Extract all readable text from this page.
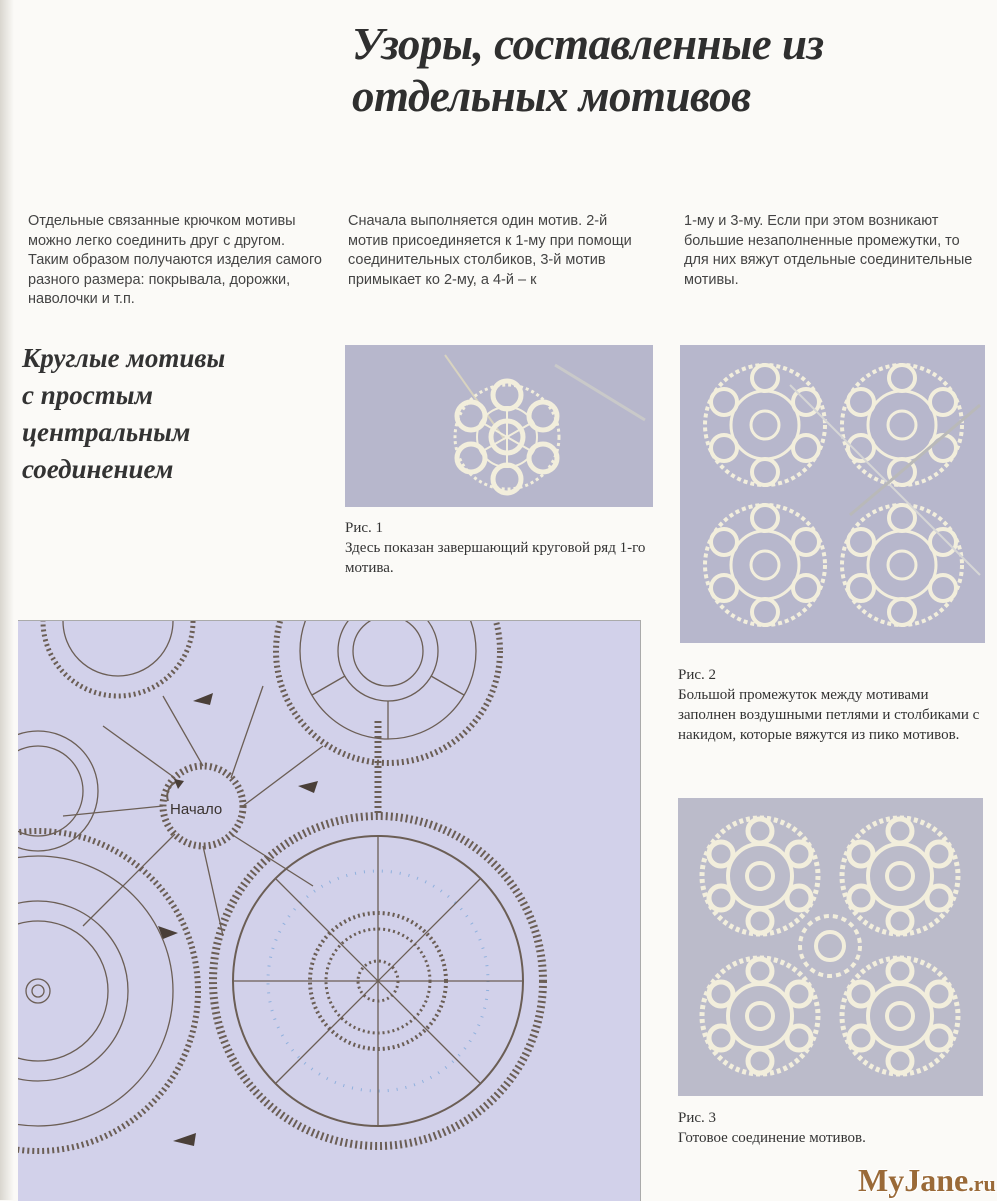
Узоры, составленные из
отдельных мотивов

Отдельные связанные крючком мотивы можно легко соединить друг с другом. Таким образом получаются изделия самого разного размера: покрывала, дорожки, наволочки и т.п.

Сначала выполняется один мотив. 2-й мотив присоединяется к 1-му при помощи соединительных столбиков, 3-й мотив примыкает ко 2-му, а 4-й – к

1-му и 3-му. Если при этом возникают большие незаполненные промежутки, то для них вяжут отдельные соединительные мотивы.

Круглые мотивы
с простым
центральным
соединением

Рис. 1
Здесь показан завершающий круговой ряд 1-го мотива.

Рис. 2
Большой промежуток между мотивами заполнен воздушными петлями и столбиками с накидом, которые вяжутся из пико мотивов.

Рис. 3
Готовое соединение мотивов.

Начало
MyJane.ru
